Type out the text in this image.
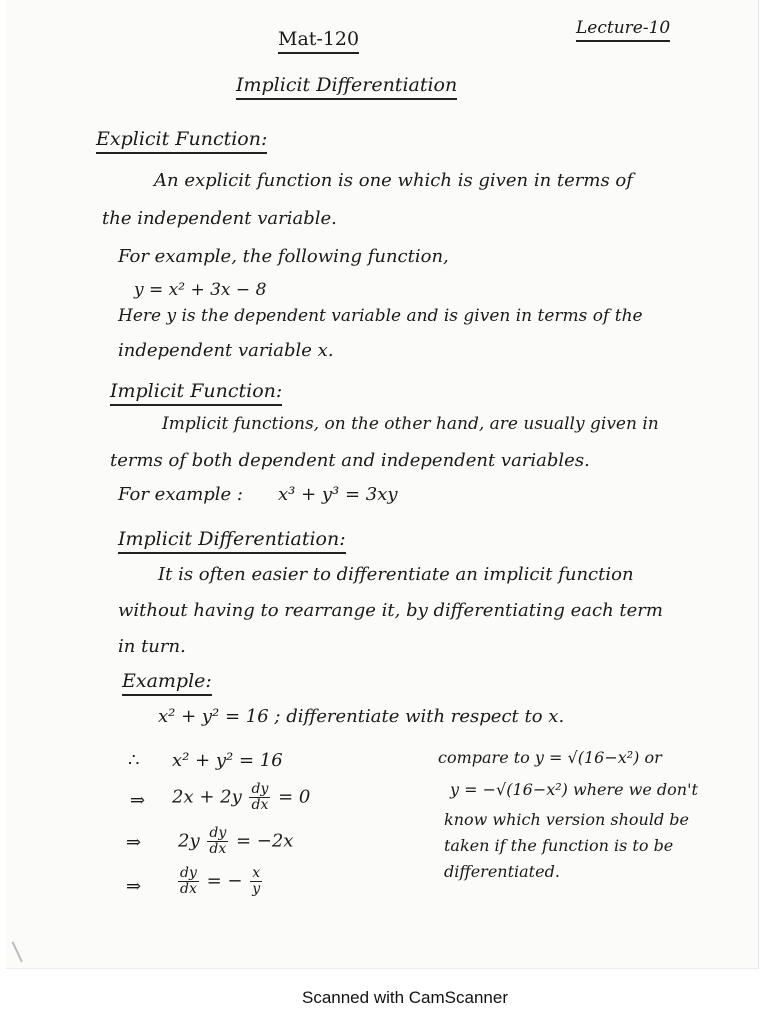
Mat-120	Lecture-10
Implicit Differentiation
Explicit Function:
An explicit function is one which is given in terms of
the independent variable.
For example, the following function,
y = x² + 3x − 8
Here y is the dependent variable and is given in terms of the
independent variable x.
Implicit Function:
Implicit functions, on the other hand, are usually given in
terms of both dependent and independent variables.
For example : x³ + y³ = 3xy
Implicit Differentiation:
It is often easier to differentiate an implicit function
without having to rearrange it, by differentiating each term
in turn.
Example:
x² + y² = 16 ; differentiate with respect to x.
∴ x² + y² = 16
⇒ $2x + 2y \frac{dy}{dx} = 0$
⇒ $2y \frac{dy}{dx} = -2x$
⇒	$\frac{dy}{dx}$ = − $\frac{x}{y}$
compare to y = √(16−x²) or
y = −√(16−x²) where we don't
know which version should be
taken if the function is to be
differentiated.
Scanned with CamScanner
